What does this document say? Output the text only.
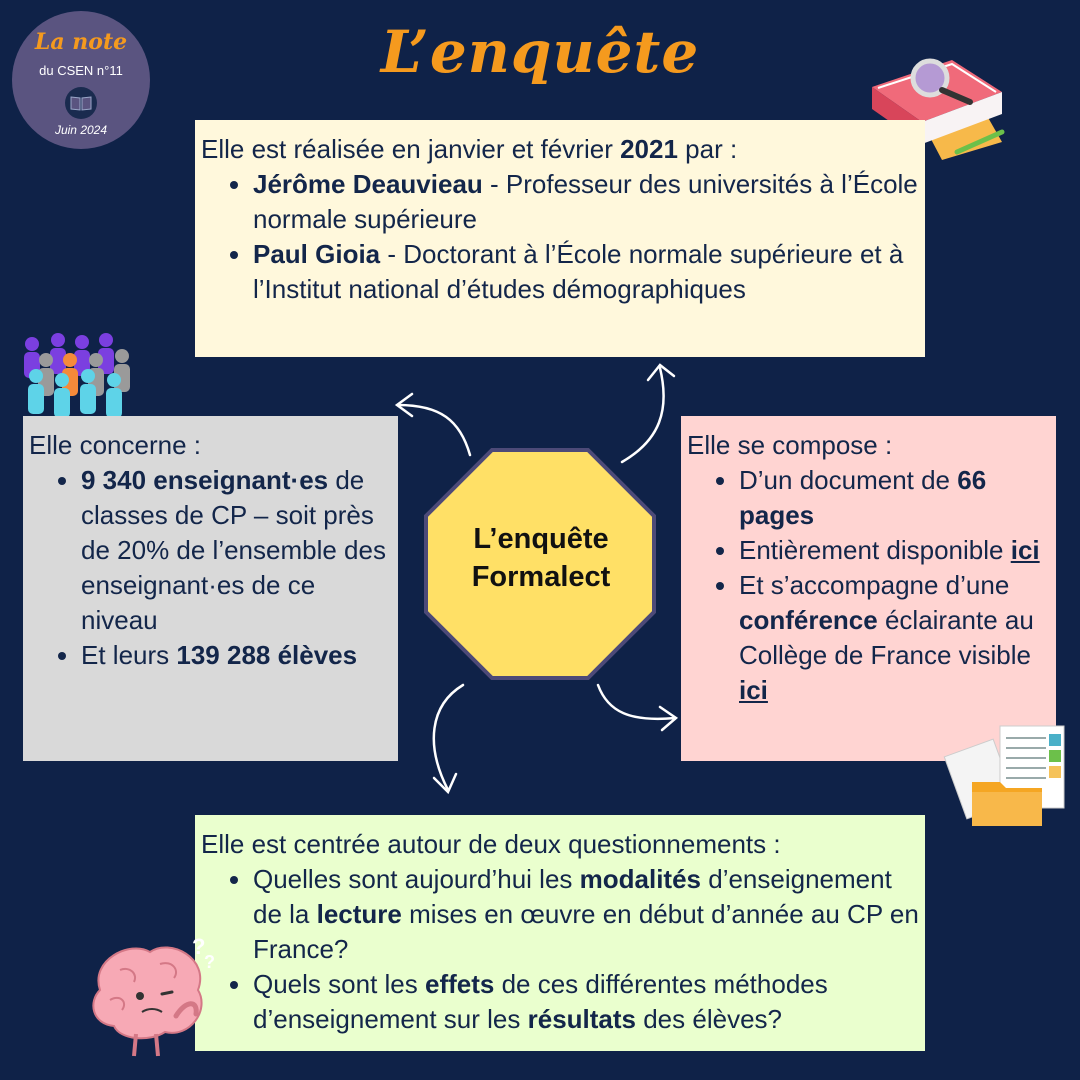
La note
du CSEN n°11
Juin 2024
L’enquête

Elle est réalisée en janvier et février 2021 par :

• Jérôme Deauvieau - Professeur des universités à l’École normale supérieure
• Paul Gioia - Doctorant à l’École normale supérieure et à l’Institut national d’études démographiques

Elle concerne :

• 9 340 enseignant·es de classes de CP – soit près de 20% de l’ensemble des enseignant·es de ce niveau
• Et leurs 139 288 élèves

Elle se compose :

• D’un document de 66 pages
• Entièrement disponible ici
• Et s’accompagne d’une conférence éclairante au Collège de France visible ici
L’enquête
Formalect

Elle est centrée autour de deux questionnements :

• Quelles sont aujourd’hui les modalités d’enseignement de la lecture mises en œuvre en début d’année au CP en France?
• Quels sont les effets de ces différentes méthodes d’enseignement sur les résultats des élèves?
?
?
